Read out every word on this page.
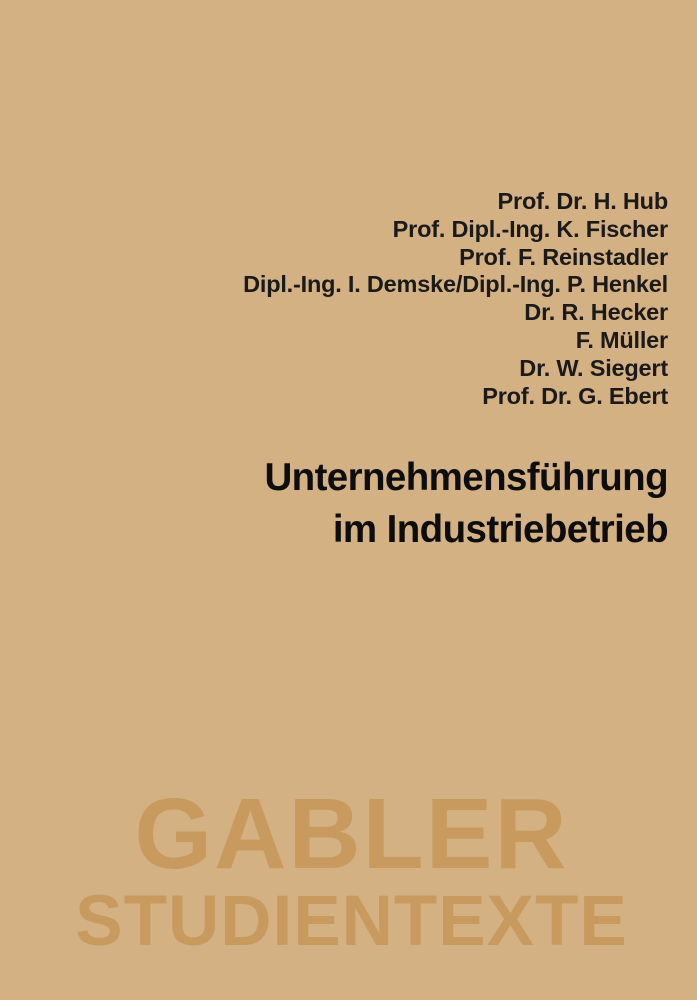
Prof. Dr. H. Hub
Prof. Dipl.-Ing. K. Fischer
Prof. F. Reinstadler
Dipl.-Ing. I. Demske/Dipl.-Ing. P. Henkel
Dr. R. Hecker
F. Müller
Dr. W. Siegert
Prof. Dr. G. Ebert
Unternehmensführung
im Industriebetrieb
GABLER
STUDIENTEXTE
